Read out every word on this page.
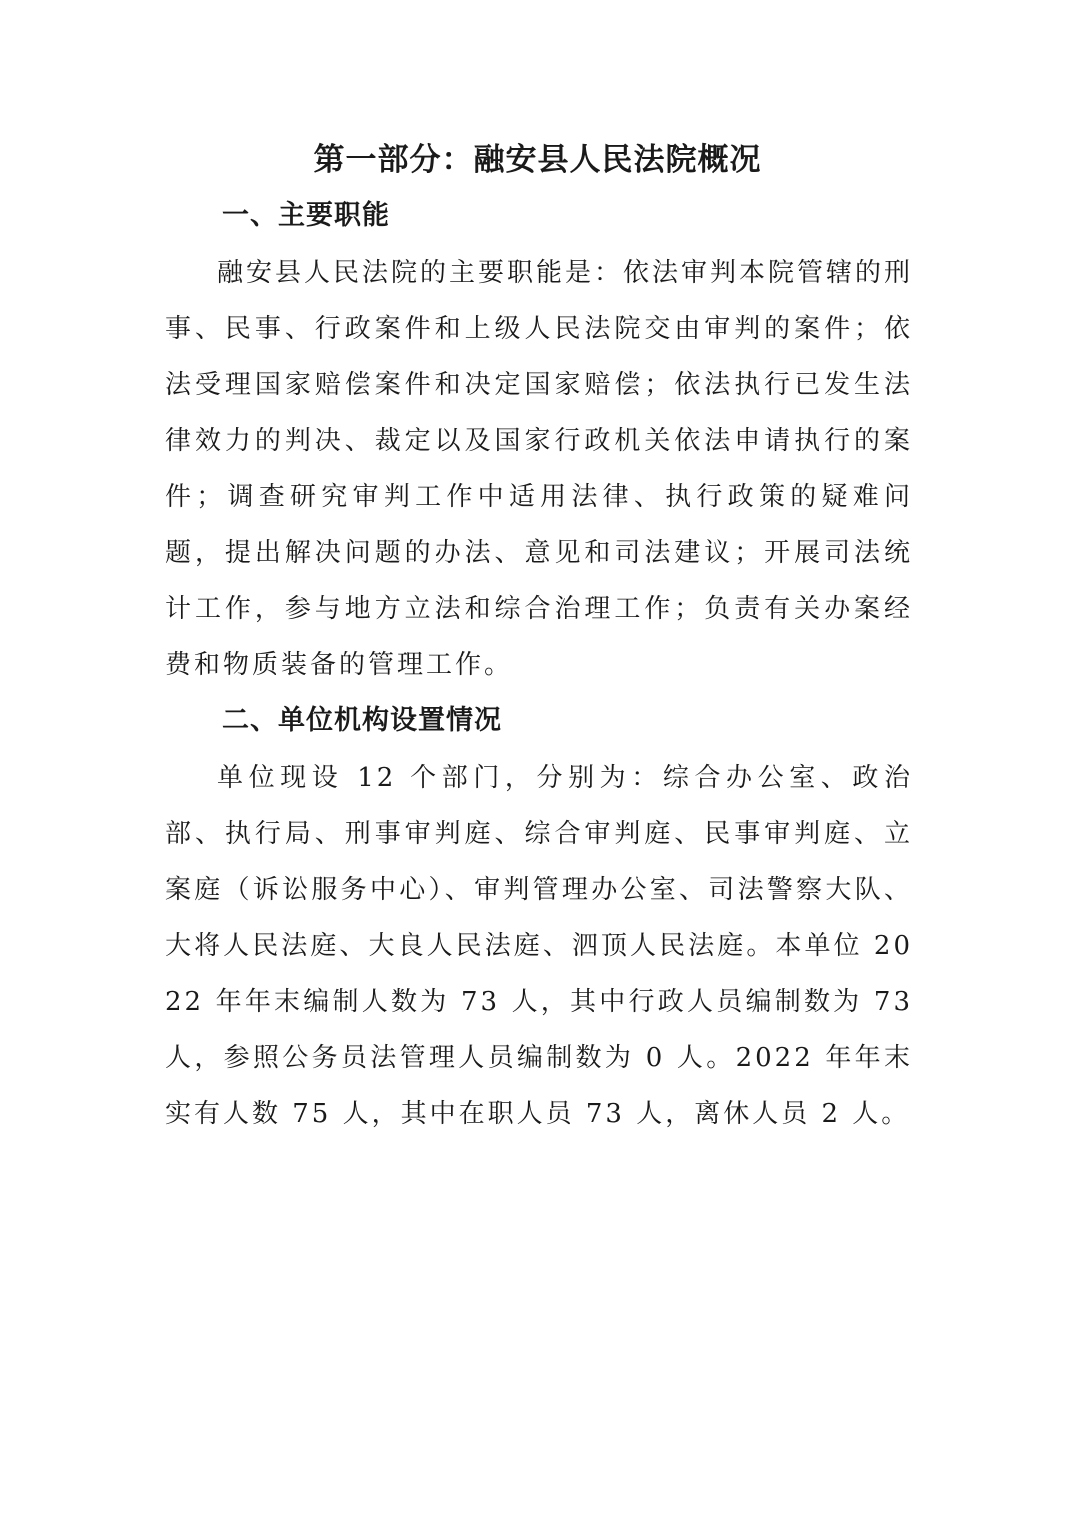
第一部分：融安县人民法院概况
一、主要职能

融安县人民法院的主要职能是：依法审判本院管辖的刑事、民事、行政案件和上级人民法院交由审判的案件；依法受理国家赔偿案件和决定国家赔偿；依法执行已发生法律效力的判决、裁定以及国家行政机关依法申请执行的案件；调查研究审判工作中适用法律、执行政策的疑难问题，提出解决问题的办法、意见和司法建议；开展司法统计工作，参与地方立法和综合治理工作；负责有关办案经费和物质装备的管理工作。

二、单位机构设置情况

单位现设 12 个部门，分别为：综合办公室、政治部、执行局、刑事审判庭、综合审判庭、民事审判庭、立案庭（诉讼服务中心）、审判管理办公室、司法警察大队、大将人民法庭、大良人民法庭、泗顶人民法庭。本单位 2022 年年末编制人数为 73 人，其中行政人员编制数为 73 人，参照公务员法管理人员编制数为 0 人。2022 年年末实有人数 75 人，其中在职人员 73 人，离休人员 2 人。
